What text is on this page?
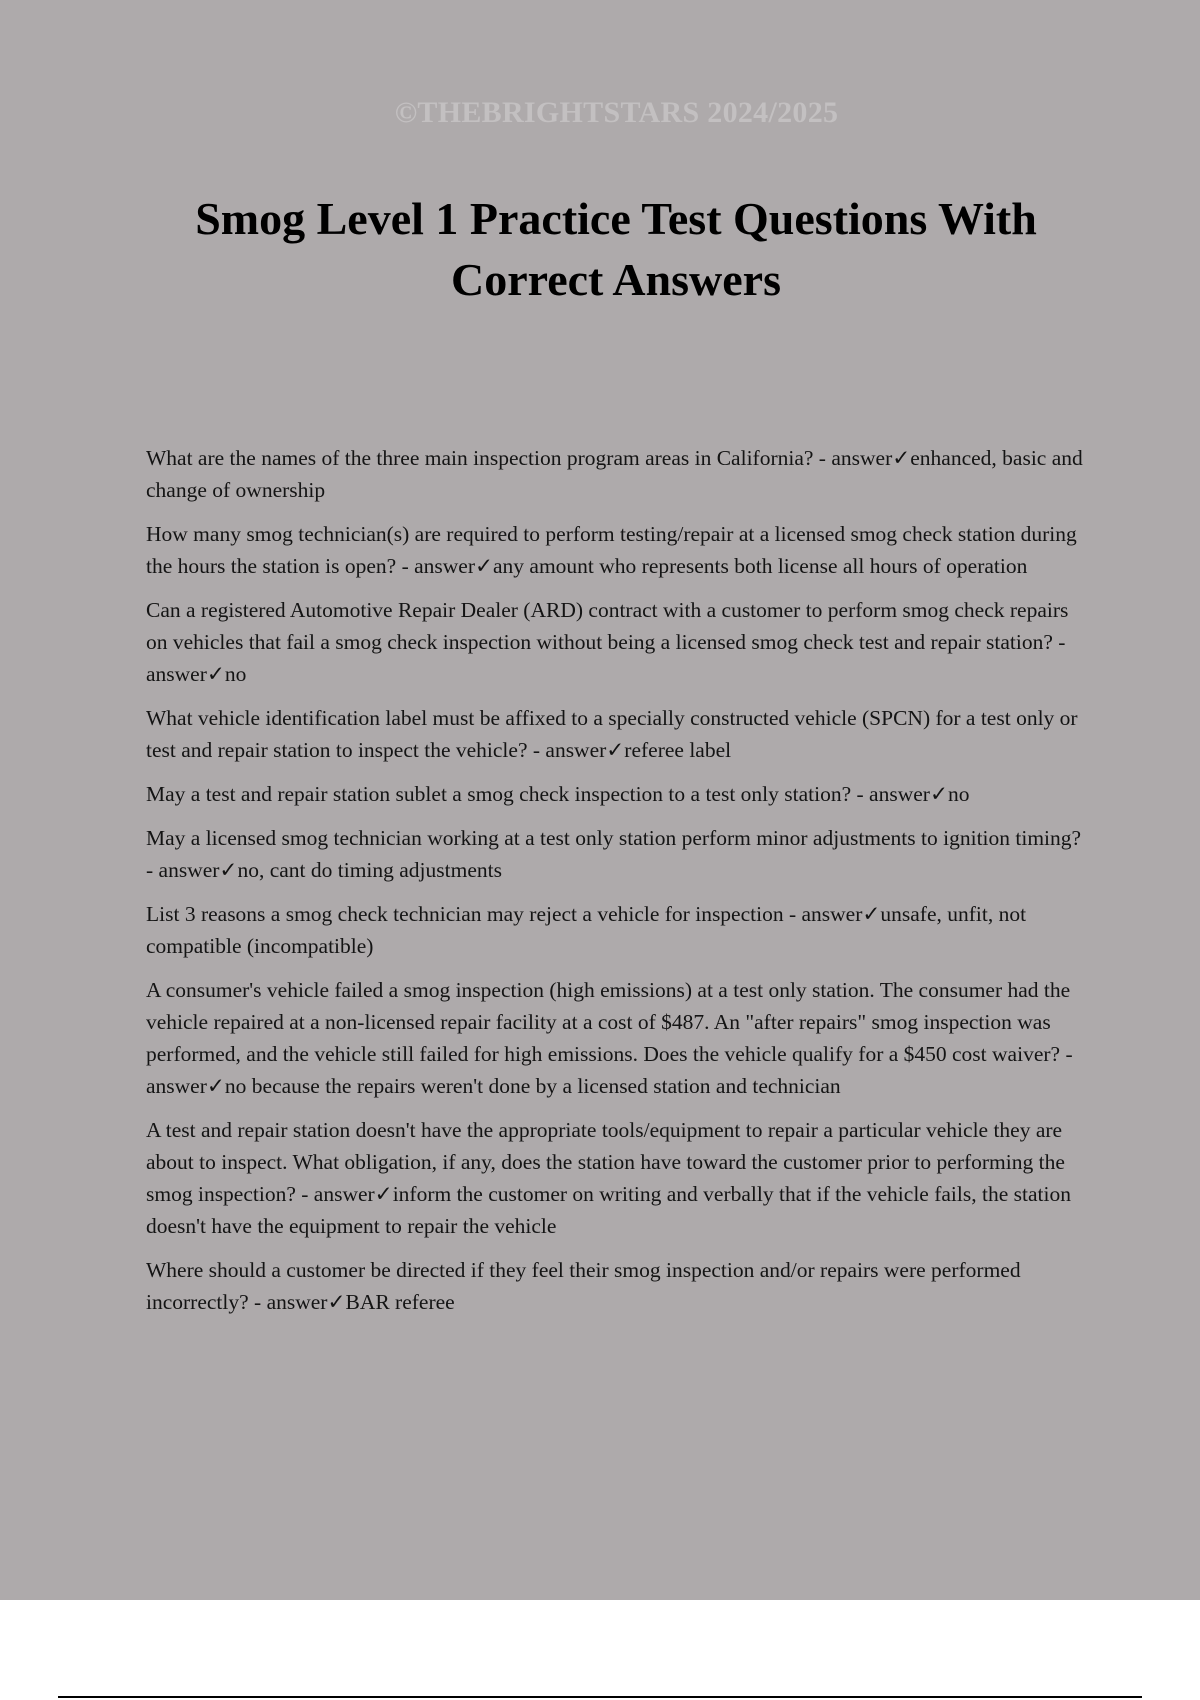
©THEBRIGHTSTARS 2024/2025
Smog Level 1 Practice Test Questions With Correct Answers
What are the names of the three main inspection program areas in California? - answer✓enhanced, basic and change of ownership
How many smog technician(s) are required to perform testing/repair at a licensed smog check station during the hours the station is open? - answer✓any amount who represents both license all hours of operation
Can a registered Automotive Repair Dealer (ARD) contract with a customer to perform smog check repairs on vehicles that fail a smog check inspection without being a licensed smog check test and repair station? - answer✓no
What vehicle identification label must be affixed to a specially constructed vehicle (SPCN) for a test only or test and repair station to inspect the vehicle? - answer✓referee label
May a test and repair station sublet a smog check inspection to a test only station? - answer✓no
May a licensed smog technician working at a test only station perform minor adjustments to ignition timing? - answer✓no, cant do timing adjustments
List 3 reasons a smog check technician may reject a vehicle for inspection - answer✓unsafe, unfit, not compatible (incompatible)
A consumer's vehicle failed a smog inspection (high emissions) at a test only station. The consumer had the vehicle repaired at a non-licensed repair facility at a cost of $487. An "after repairs" smog inspection was performed, and the vehicle still failed for high emissions. Does the vehicle qualify for a $450 cost waiver? - answer✓no because the repairs weren't done by a licensed station and technician
A test and repair station doesn't have the appropriate tools/equipment to repair a particular vehicle they are about to inspect. What obligation, if any, does the station have toward the customer prior to performing the smog inspection? - answer✓inform the customer on writing and verbally that if the vehicle fails, the station doesn't have the equipment to repair the vehicle
Where should a customer be directed if they feel their smog inspection and/or repairs were performed incorrectly? - answer✓BAR referee
